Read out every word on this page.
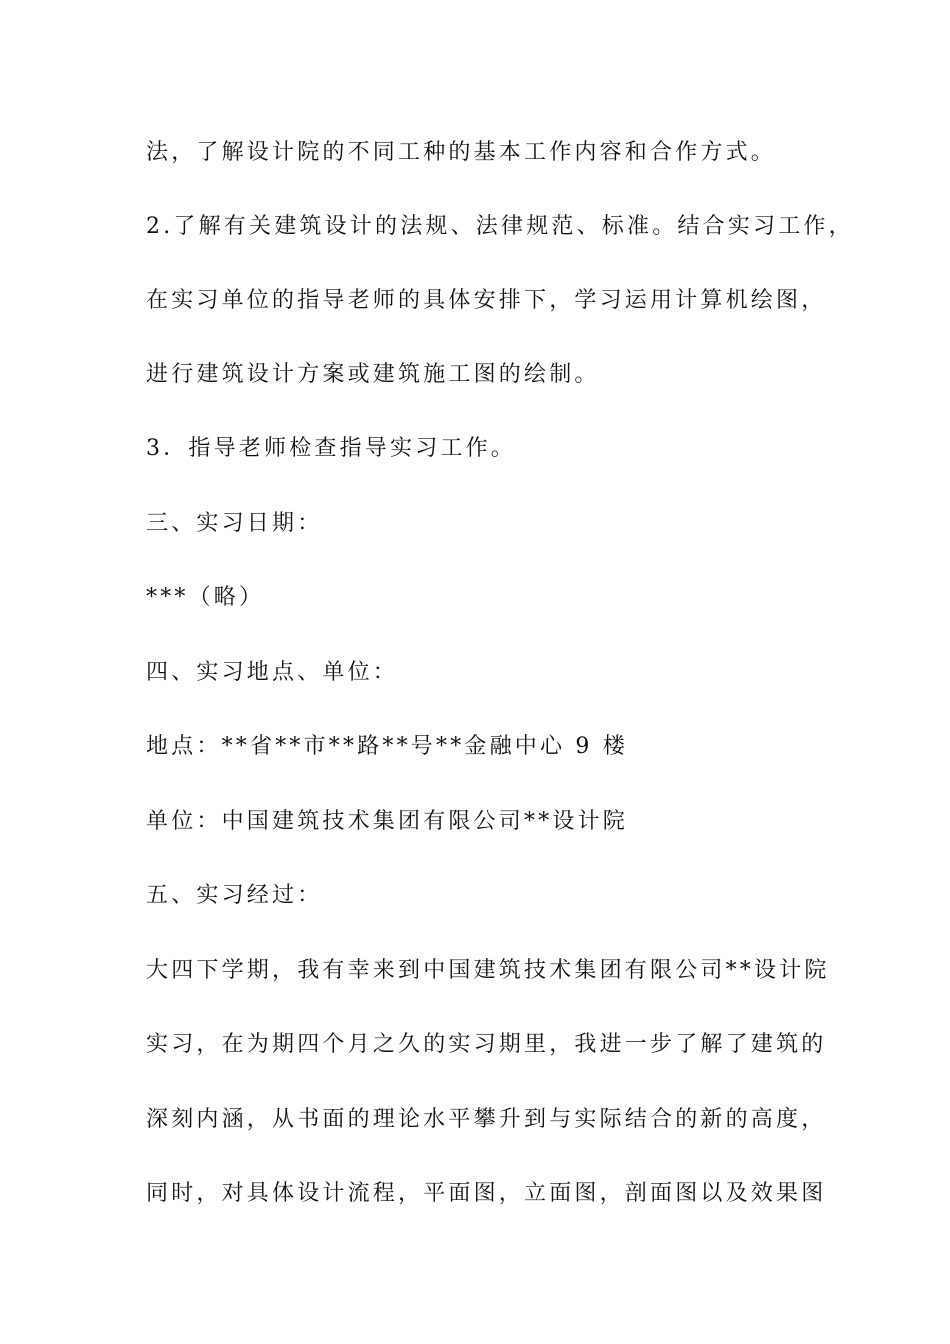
法，了解设计院的不同工种的基本工作内容和合作方式。
2.了解有关建筑设计的法规、法律规范、标准。结合实习工作，
在实习单位的指导老师的具体安排下，学习运用计算机绘图，
进行建筑设计方案或建筑施工图的绘制。
3．指导老师检查指导实习工作。
三、实习日期：
***（略）
四、实习地点、单位：
地点：**省**市**路**号**金融中心 9 楼
单位：中国建筑技术集团有限公司**设计院
五、实习经过：
大四下学期，我有幸来到中国建筑技术集团有限公司**设计院
实习，在为期四个月之久的实习期里，我进一步了解了建筑的
深刻内涵，从书面的理论水平攀升到与实际结合的新的高度，
同时，对具体设计流程，平面图，立面图，剖面图以及效果图
